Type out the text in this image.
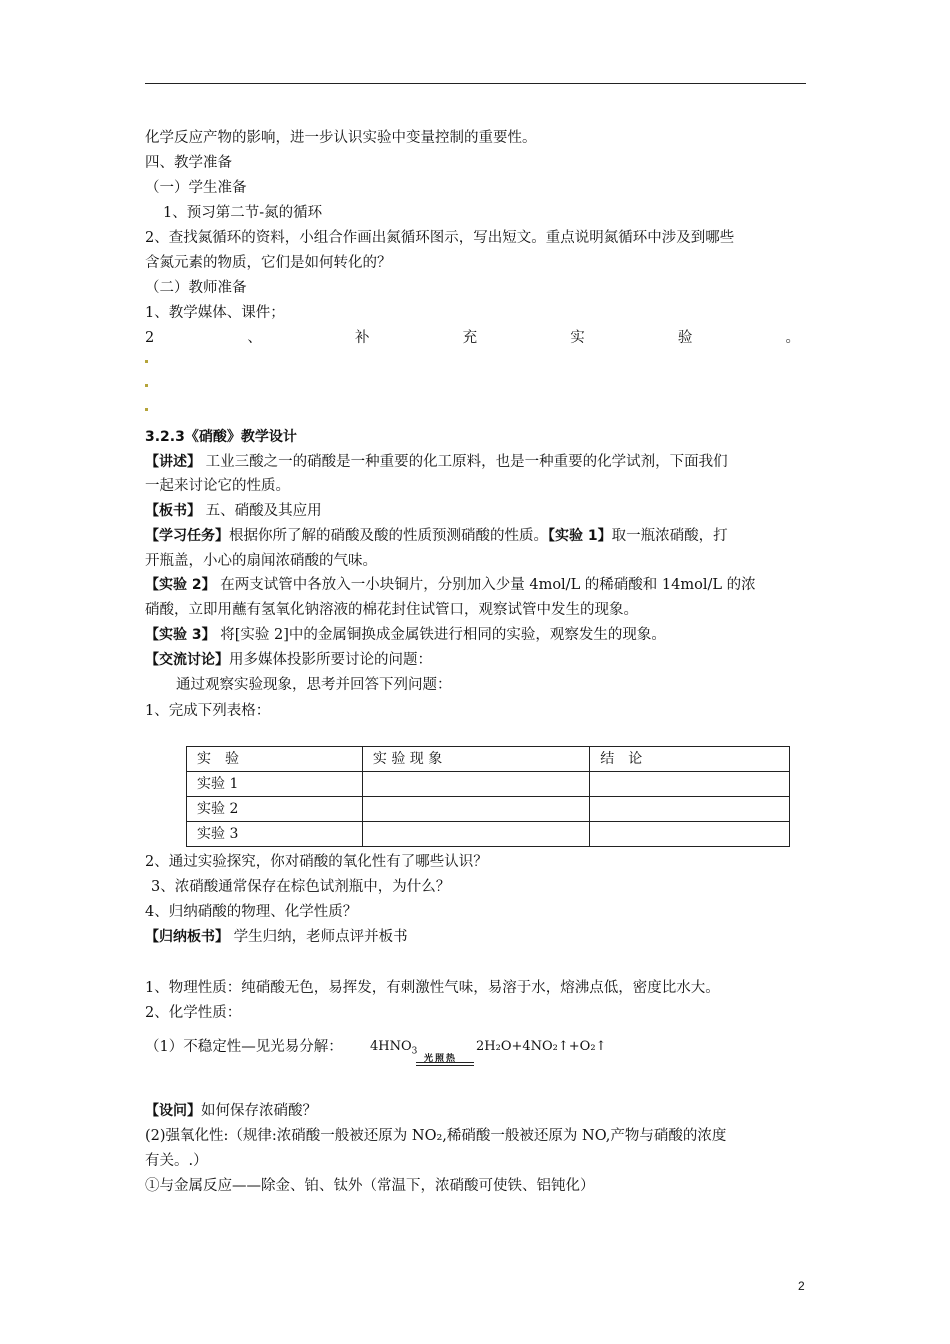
化学反应产物的影响，进一步认识实验中变量控制的重要性。
四、教学准备
（一）学生准备
1、预习第二节-氮的循环
2、查找氮循环的资料，小组合作画出氮循环图示，写出短文。重点说明氮循环中涉及到哪些
含氮元素的物质，它们是如何转化的？
（二）教师准备
1、教学媒体、课件；
2	、	补	充	实	验	。
3.2.3《硝酸》教学设计
【讲述】 工业三酸之一的硝酸是一种重要的化工原料，也是一种重要的化学试剂，下面我们
一起来讨论它的性质。
【板书】 五、硝酸及其应用
【学习任务】根据你所了解的硝酸及酸的性质预测硝酸的性质。【实验 1】取一瓶浓硝酸，打
开瓶盖，小心的扇闻浓硝酸的气味。
【实验 2】 在两支试管中各放入一小块铜片，分别加入少量 4mol/L 的稀硝酸和 14mol/L 的浓
硝酸，立即用蘸有氢氧化钠溶液的棉花封住试管口，观察试管中发生的现象。
【实验 3】 将[实验 2]中的金属铜换成金属铁进行相同的实验，观察发生的现象。
【交流讨论】用多媒体投影所要讨论的问题：
通过观察实验现象，思考并回答下列问题：
1、完成下列表格：
实　验	实 验 现 象	结　论
实验 1		
实验 2		
实验 3		
2、通过实验探究，你对硝酸的氧化性有了哪些认识？
3、浓硝酸通常保存在棕色试剂瓶中，为什么？
4、归纳硝酸的物理、化学性质？
【归纳板书】 学生归纳，老师点评并板书
1、物理性质：纯硝酸无色，易挥发，有刺激性气味，易溶于水，熔沸点低，密度比水大。
2、化学性质：
（1）不稳定性—见光易分解：
光照热
$4HNO_3$	2H₂O+4NO₂↑+O₂↑
【设问】如何保存浓硝酸？
(2)强氧化性:（规律:浓硝酸一般被还原为 NO₂,稀硝酸一般被还原为 NO,产物与硝酸的浓度
有关。.）
①与金属反应——除金、铂、钛外（常温下，浓硝酸可使铁、铝钝化）
2
